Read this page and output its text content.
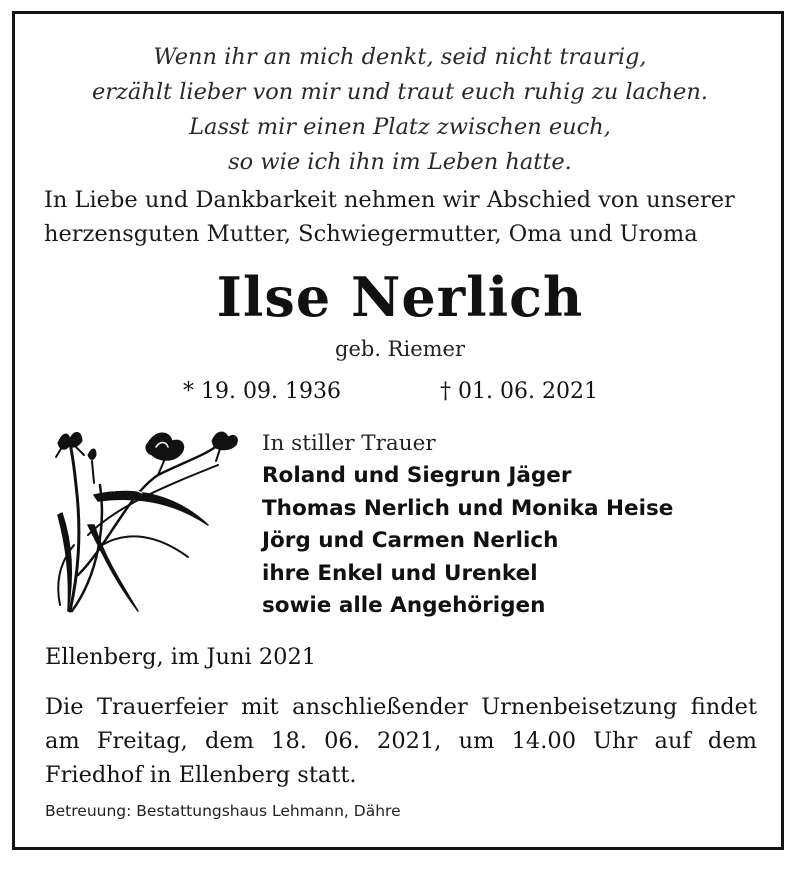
Wenn ihr an mich denkt, seid nicht traurig,
erzählt lieber von mir und traut euch ruhig zu lachen.
Lasst mir einen Platz zwischen euch,
so wie ich ihn im Leben hatte.
In Liebe und Dankbarkeit nehmen wir Abschied von unserer
herzensguten Mutter, Schwiegermutter, Oma und Uroma
Ilse Nerlich
geb. Riemer
* 19. 09. 1936	† 01. 06. 2021
In stiller Trauer
Roland und Siegrun Jäger
Thomas Nerlich und Monika Heise
Jörg und Carmen Nerlich
ihre Enkel und Urenkel
sowie alle Angehörigen
Ellenberg, im Juni 2021
Die Trauerfeier mit anschließender Urnenbeisetzung findet am Freitag, dem 18. 06. 2021, um 14.00 Uhr auf dem Friedhof in Ellenberg statt.
Betreuung: Bestattungshaus Lehmann, Dähre
